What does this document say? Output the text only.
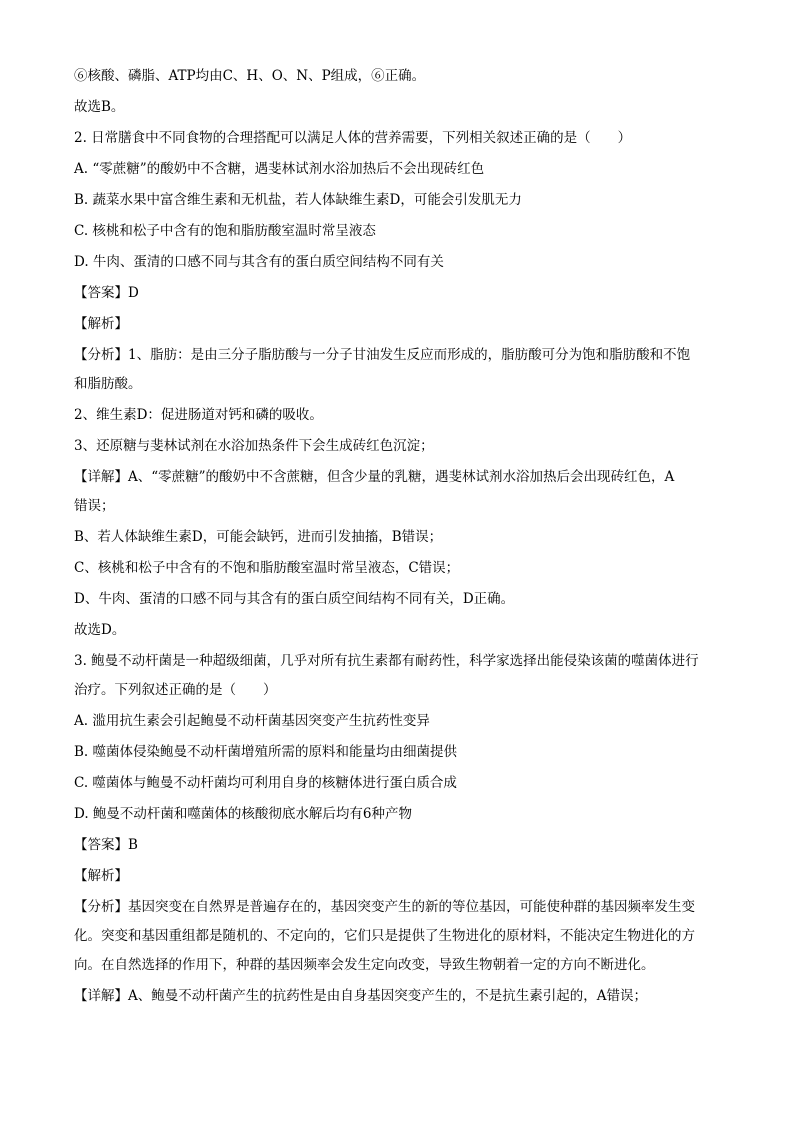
⑥核酸、磷脂、ATP均由C、H、O、N、P组成，⑥正确。
故选B。
2. 日常膳食中不同食物的合理搭配可以满足人体的营养需要，下列相关叙述正确的是（　　）
A. “零蔗糖”的酸奶中不含糖，遇斐林试剂水浴加热后不会出现砖红色
B. 蔬菜水果中富含维生素和无机盐，若人体缺维生素D，可能会引发肌无力
C. 核桃和松子中含有的饱和脂肪酸室温时常呈液态
D. 牛肉、蛋清的口感不同与其含有的蛋白质空间结构不同有关
【答案】D
【解析】
【分析】1、脂肪：是由三分子脂肪酸与一分子甘油发生反应而形成的，脂肪酸可分为饱和脂肪酸和不饱
和脂肪酸。
2、维生素D：促进肠道对钙和磷的吸收。
3、还原糖与斐林试剂在水浴加热条件下会生成砖红色沉淀；
【详解】A、“零蔗糖”的酸奶中不含蔗糖，但含少量的乳糖，遇斐林试剂水浴加热后会出现砖红色，A
错误；
B、若人体缺维生素D，可能会缺钙，进而引发抽搐，B错误；
C、核桃和松子中含有的不饱和脂肪酸室温时常呈液态，C错误；
D、牛肉、蛋清的口感不同与其含有的蛋白质空间结构不同有关，D正确。
故选D。
3. 鲍曼不动杆菌是一种超级细菌，几乎对所有抗生素都有耐药性，科学家选择出能侵染该菌的噬菌体进行
治疗。下列叙述正确的是（　　）
A. 滥用抗生素会引起鲍曼不动杆菌基因突变产生抗药性变异
B. 噬菌体侵染鲍曼不动杆菌增殖所需的原料和能量均由细菌提供
C. 噬菌体与鲍曼不动杆菌均可利用自身的核糖体进行蛋白质合成
D. 鲍曼不动杆菌和噬菌体的核酸彻底水解后均有6种产物
【答案】B
【解析】
【分析】基因突变在自然界是普遍存在的，基因突变产生的新的等位基因，可能使种群的基因频率发生变
化。突变和基因重组都是随机的、不定向的，它们只是提供了生物进化的原材料，不能决定生物进化的方
向。在自然选择的作用下，种群的基因频率会发生定向改变，导致生物朝着一定的方向不断进化。
【详解】A、鲍曼不动杆菌产生的抗药性是由自身基因突变产生的，不是抗生素引起的，A错误；
